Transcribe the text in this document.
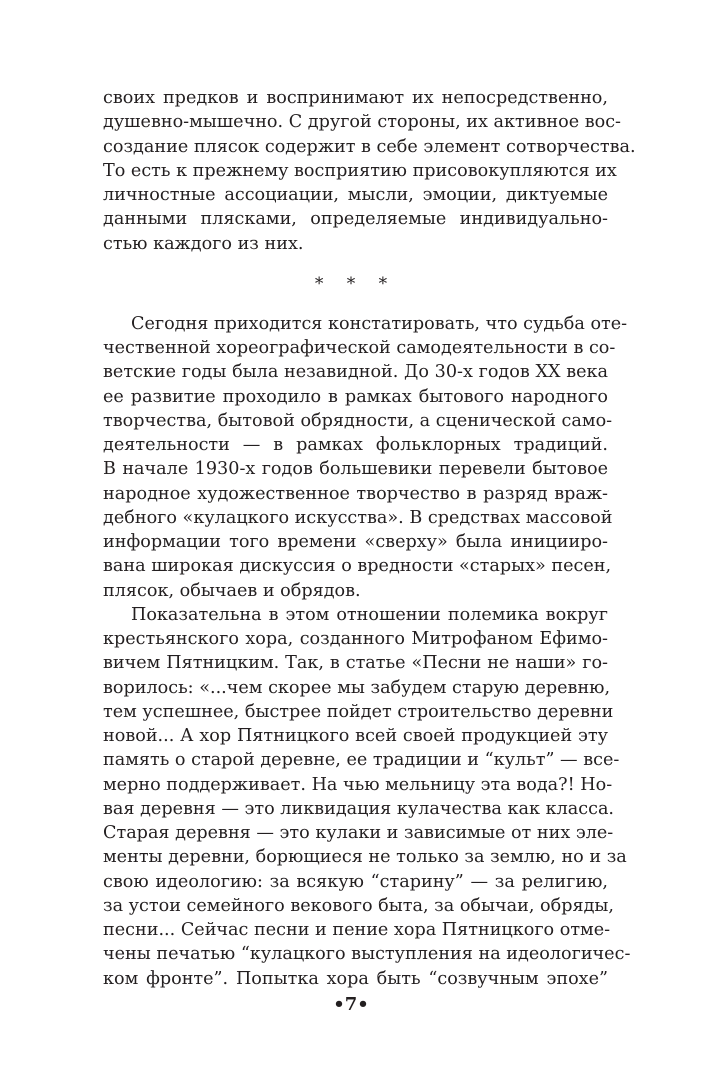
своих предков и воспринимают их непосредственно,
душевно-мышечно. С другой стороны, их активное вос-
создание плясок содержит в себе элемент сотворчества.
То есть к прежнему восприятию присовокупляются их
личностные ассоциации, мысли, эмоции, диктуемые
данными плясками, определяемые индивидуально-
стью каждого из них.
* * *
Сегодня приходится констатировать, что судьба оте-
чественной хореографической самодеятельности в со-
ветские годы была незавидной. До 30-х годов XX века
ее развитие проходило в рамках бытового народного
творчества, бытовой обрядности, а сценической само-
деятельности — в рамках фольклорных традиций.
В начале 1930-х годов большевики перевели бытовое
народное художественное творчество в разряд враж-
дебного «кулацкого искусства». В средствах массовой
информации того времени «сверху» была иницииро-
вана широкая дискуссия о вредности «старых» песен,
плясок, обычаев и обрядов.
Показательна в этом отношении полемика вокруг
крестьянского хора, созданного Митрофаном Ефимо-
вичем Пятницким. Так, в статье «Песни не наши» го-
ворилось: «...чем скорее мы забудем старую деревню,
тем успешнее, быстрее пойдет строительство деревни
новой... А хор Пятницкого всей своей продукцией эту
память о старой деревне, ее традиции и “культ” — все-
мерно поддерживает. На чью мельницу эта вода?! Но-
вая деревня — это ликвидация кулачества как класса.
Старая деревня — это кулаки и зависимые от них эле-
менты деревни, борющиеся не только за землю, но и за
свою идеологию: за всякую “старину” — за религию,
за устои семейного векового быта, за обычаи, обряды,
песни... Сейчас песни и пение хора Пятницкого отме-
чены печатью “кулацкого выступления на идеологичес-
ком фронте”. Попытка хора быть “созвучным эпохе”
•7•
